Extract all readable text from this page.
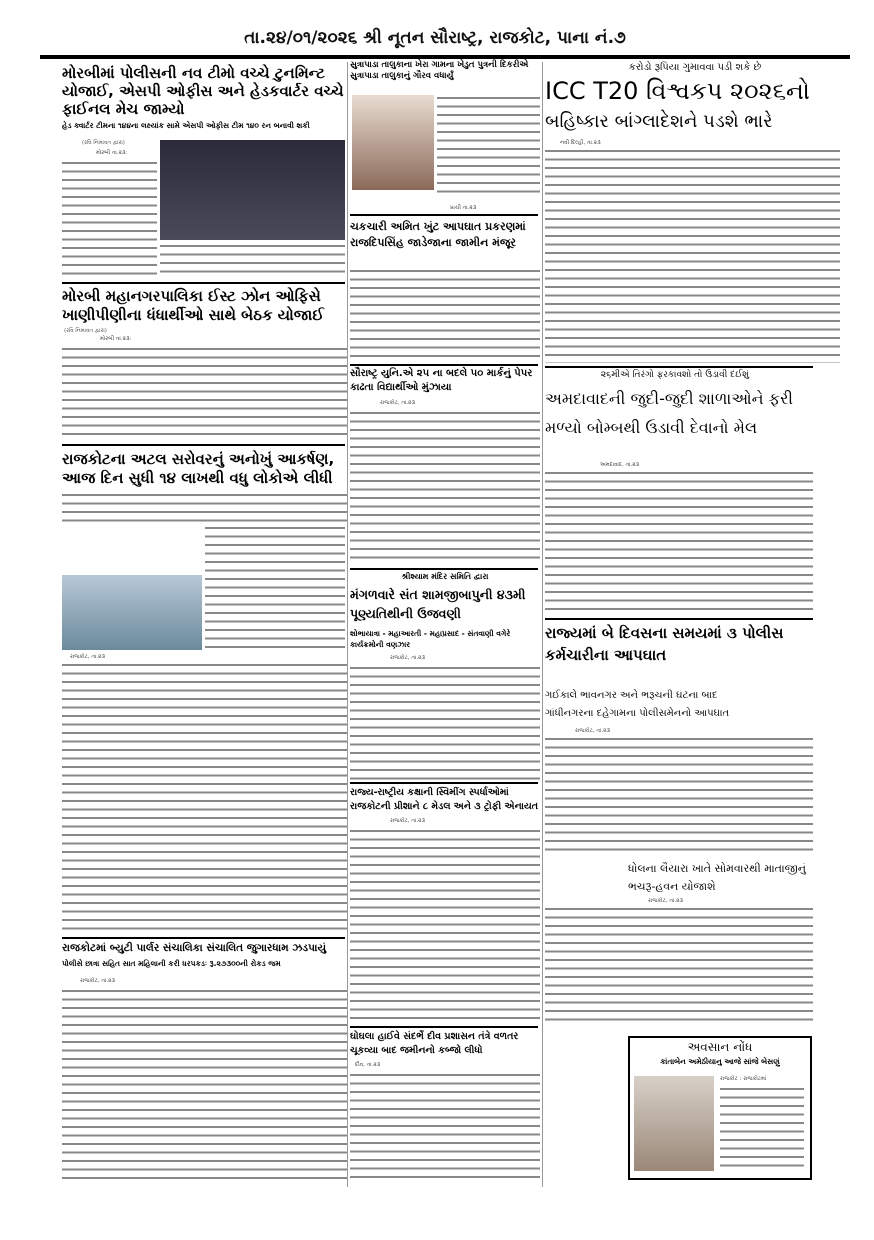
તા.૨૪/૦૧/૨૦૨૬ શ્રી નૂતન સૌરાષ્ટ્ર, રાજકોટ, પાના નં.૭
મોરબીમાં પોલીસની નવ ટીમો વચ્ચે ટુનમિન્ટ યોજાઈ, એસપી ઓફીસ અને હેડકવાર્ટર વચ્ચે ફાઈનલ મેચ જામ્યો
હેડ ક્વાર્ટર ટીમના ૧૪૪ના લક્ષ્યાંક સામે એસપી ઓફીસ ટીમ ૧૪૦ રન બનાવી શકી
(રવિ નિમાવત દ્વારા)
મોરબી તા.૨૩:
મોરબી મહાનગરપાલિકા ઈસ્ટ ઝોન ઓફિસે ખાણીપીણીના ધંધાર્થીઓ સાથે બેઠક યોજાઈ
(રવિ નિમાવત દ્વારા)
મોરબી તા.૨૩:
રાજકોટના અટલ સરોવરનું અનોખું આકર્ષણ, આજ દિન સુધી ૧૪ લાખથી વધુ લોકોએ લીધી
રાજકોટ, તા.૨૩
રાજકોટમાં બ્યુટી પાર્લર સંચાલિકા સંચાલિત જુગારધામ ઝડપાયું
પોલીસે છાત્રા સહિત સાત મહિલાની કરી ધરપકડઃ રૂ.૨૭૩૦૦ની રોકડ જમ
રાજકોટ, તા.૨૩
સુત્રાપાડા તાલુકાના ખેરા ગામના ખેડુત પુત્રની દિકરીએ સુત્રાપાડા તાલુકાનું ગૌરવ વધાર્યું
પ્રાચી તા.૨૩
ચકચારી અમિત ખુંટ આપઘાત પ્રકરણમાં રાજદિપસિંહ જાડેજાના જામીન મંજૂર
સૌરાષ્ટ્ર યુનિ.એ ૨૫ ના બદલે ૫૦ માર્કનું પેપર કાઢતા વિદ્યાર્થીઓ મુંઝાયા
રાજકોટ, તા.૨૩
શ્રીશ્યામ મંદિર સમિતિ દ્વારા
મંગળવારે સંત શામજીબાપુની ૪૩મી પૂણ્યતિથીની ઉજવણી
શોભાયાત્રા - મહાઆરતી - મહાપ્રસાદ - સંતવાણી વગેરે કાર્યક્રમોની વણઝાર
રાજકોટ, તા.૨૩
રાજ્ય-રાષ્ટ્રીય કક્ષાની સ્વિમીંગ સ્પર્ધાઓમાં રાજકોટની પ્રીશાને ૮ મેડલ અને ૩ ટ્રોફી એનાયત
રાજકોટ, તા.૨૩
ઘોઘલા હાઈવે સંદર્ભે દીવ પ્રશાસન તંત્રે વળતર ચૂકવ્યા બાદ જમીનનો કબ્જો લીધો
દીવ, તા.૨૩
કરોડો રૂપિયા ગુમાવવા પડી શકે છે
ICC T20 વિશ્વકપ ૨૦૨૬નો
બહિષ્કાર બાંગ્લાદેશને પડશે ભારે
નવી દિલ્હી, તા.૨૩
૨૬મીએ તિરંગો ફરકાવશો તો ઉડાવી દઈશું
અમદાવાદની જુદી-જુદી શાળાઓને ફરી મળ્યો બોમ્બથી ઉડાવી દેવાનો મેલ
અમદાવાદ, તા.૨૩
રાજ્યમાં બે દિવસના સમયમાં ૩ પોલીસ કર્મચારીના આપઘાત
ગઈકાલે ભાવનગર અને ભરૂચની ઘટના બાદ
ગાંધીનગરના દહેગામના પોલીસમેનનો આપઘાત
રાજકોટ, તા.૨૩
ધોલના લૈયારા ખાતે સોમવારથી માતાજીનું ભચરૂ-હવન યોજાશે
રાજકોટ, તા.૨૩
અવસાન નોંધ
કાંતાબેન અમેઠીયાનુ આજે સાંજે બેસણું
રાજકોટ : રાજકોટમાં
